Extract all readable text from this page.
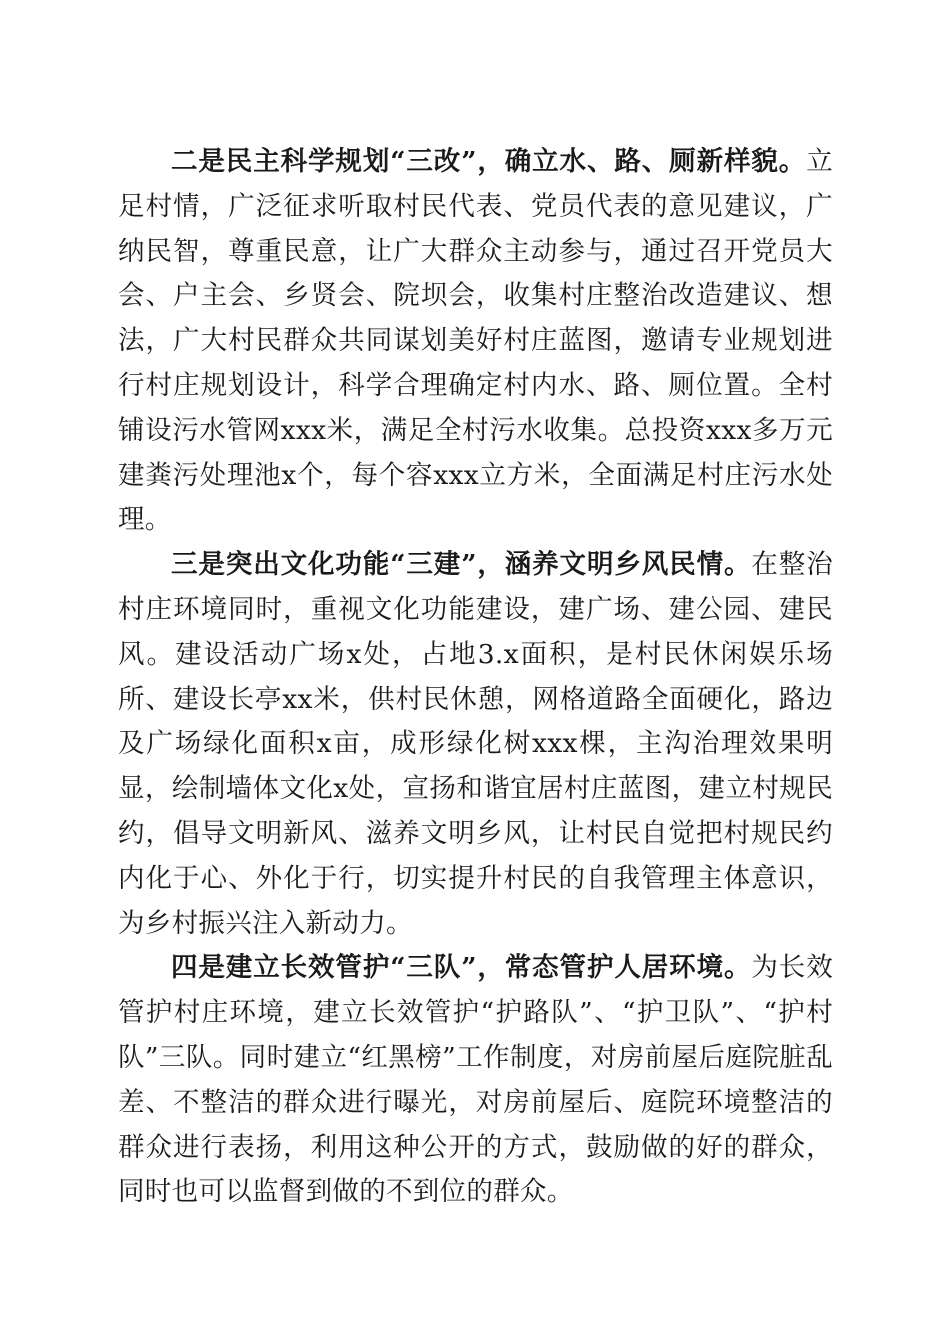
二是民主科学规划“三改”，确立水、路、厕新样貌。立足村情，广泛征求听取村民代表、党员代表的意见建议，广纳民智，尊重民意，让广大群众主动参与，通过召开党员大会、户主会、乡贤会、院坝会，收集村庄整治改造建议、想法，广大村民群众共同谋划美好村庄蓝图，邀请专业规划进行村庄规划设计，科学合理确定村内水、路、厕位置。全村铺设污水管网xxx米，满足全村污水收集。总投资xxx多万元建粪污处理池x个，每个容xxx立方米，全面满足村庄污水处理。

三是突出文化功能“三建”，涵养文明乡风民情。在整治村庄环境同时，重视文化功能建设，建广场、建公园、建民风。建设活动广场x处，占地3.x面积，是村民休闲娱乐场所、建设长亭xx米，供村民休憩，网格道路全面硬化，路边及广场绿化面积x亩，成形绿化树xxx棵，主沟治理效果明显，绘制墙体文化x处，宣扬和谐宜居村庄蓝图，建立村规民约，倡导文明新风、滋养文明乡风，让村民自觉把村规民约内化于心、外化于行，切实提升村民的自我管理主体意识，为乡村振兴注入新动力。

四是建立长效管护“三队”，常态管护人居环境。为长效管护村庄环境，建立长效管护“护路队”、“护卫队”、“护村队”三队。同时建立“红黑榜”工作制度，对房前屋后庭院脏乱差、不整洁的群众进行曝光，对房前屋后、庭院环境整洁的群众进行表扬，利用这种公开的方式，鼓励做的好的群众，同时也可以监督到做的不到位的群众。
